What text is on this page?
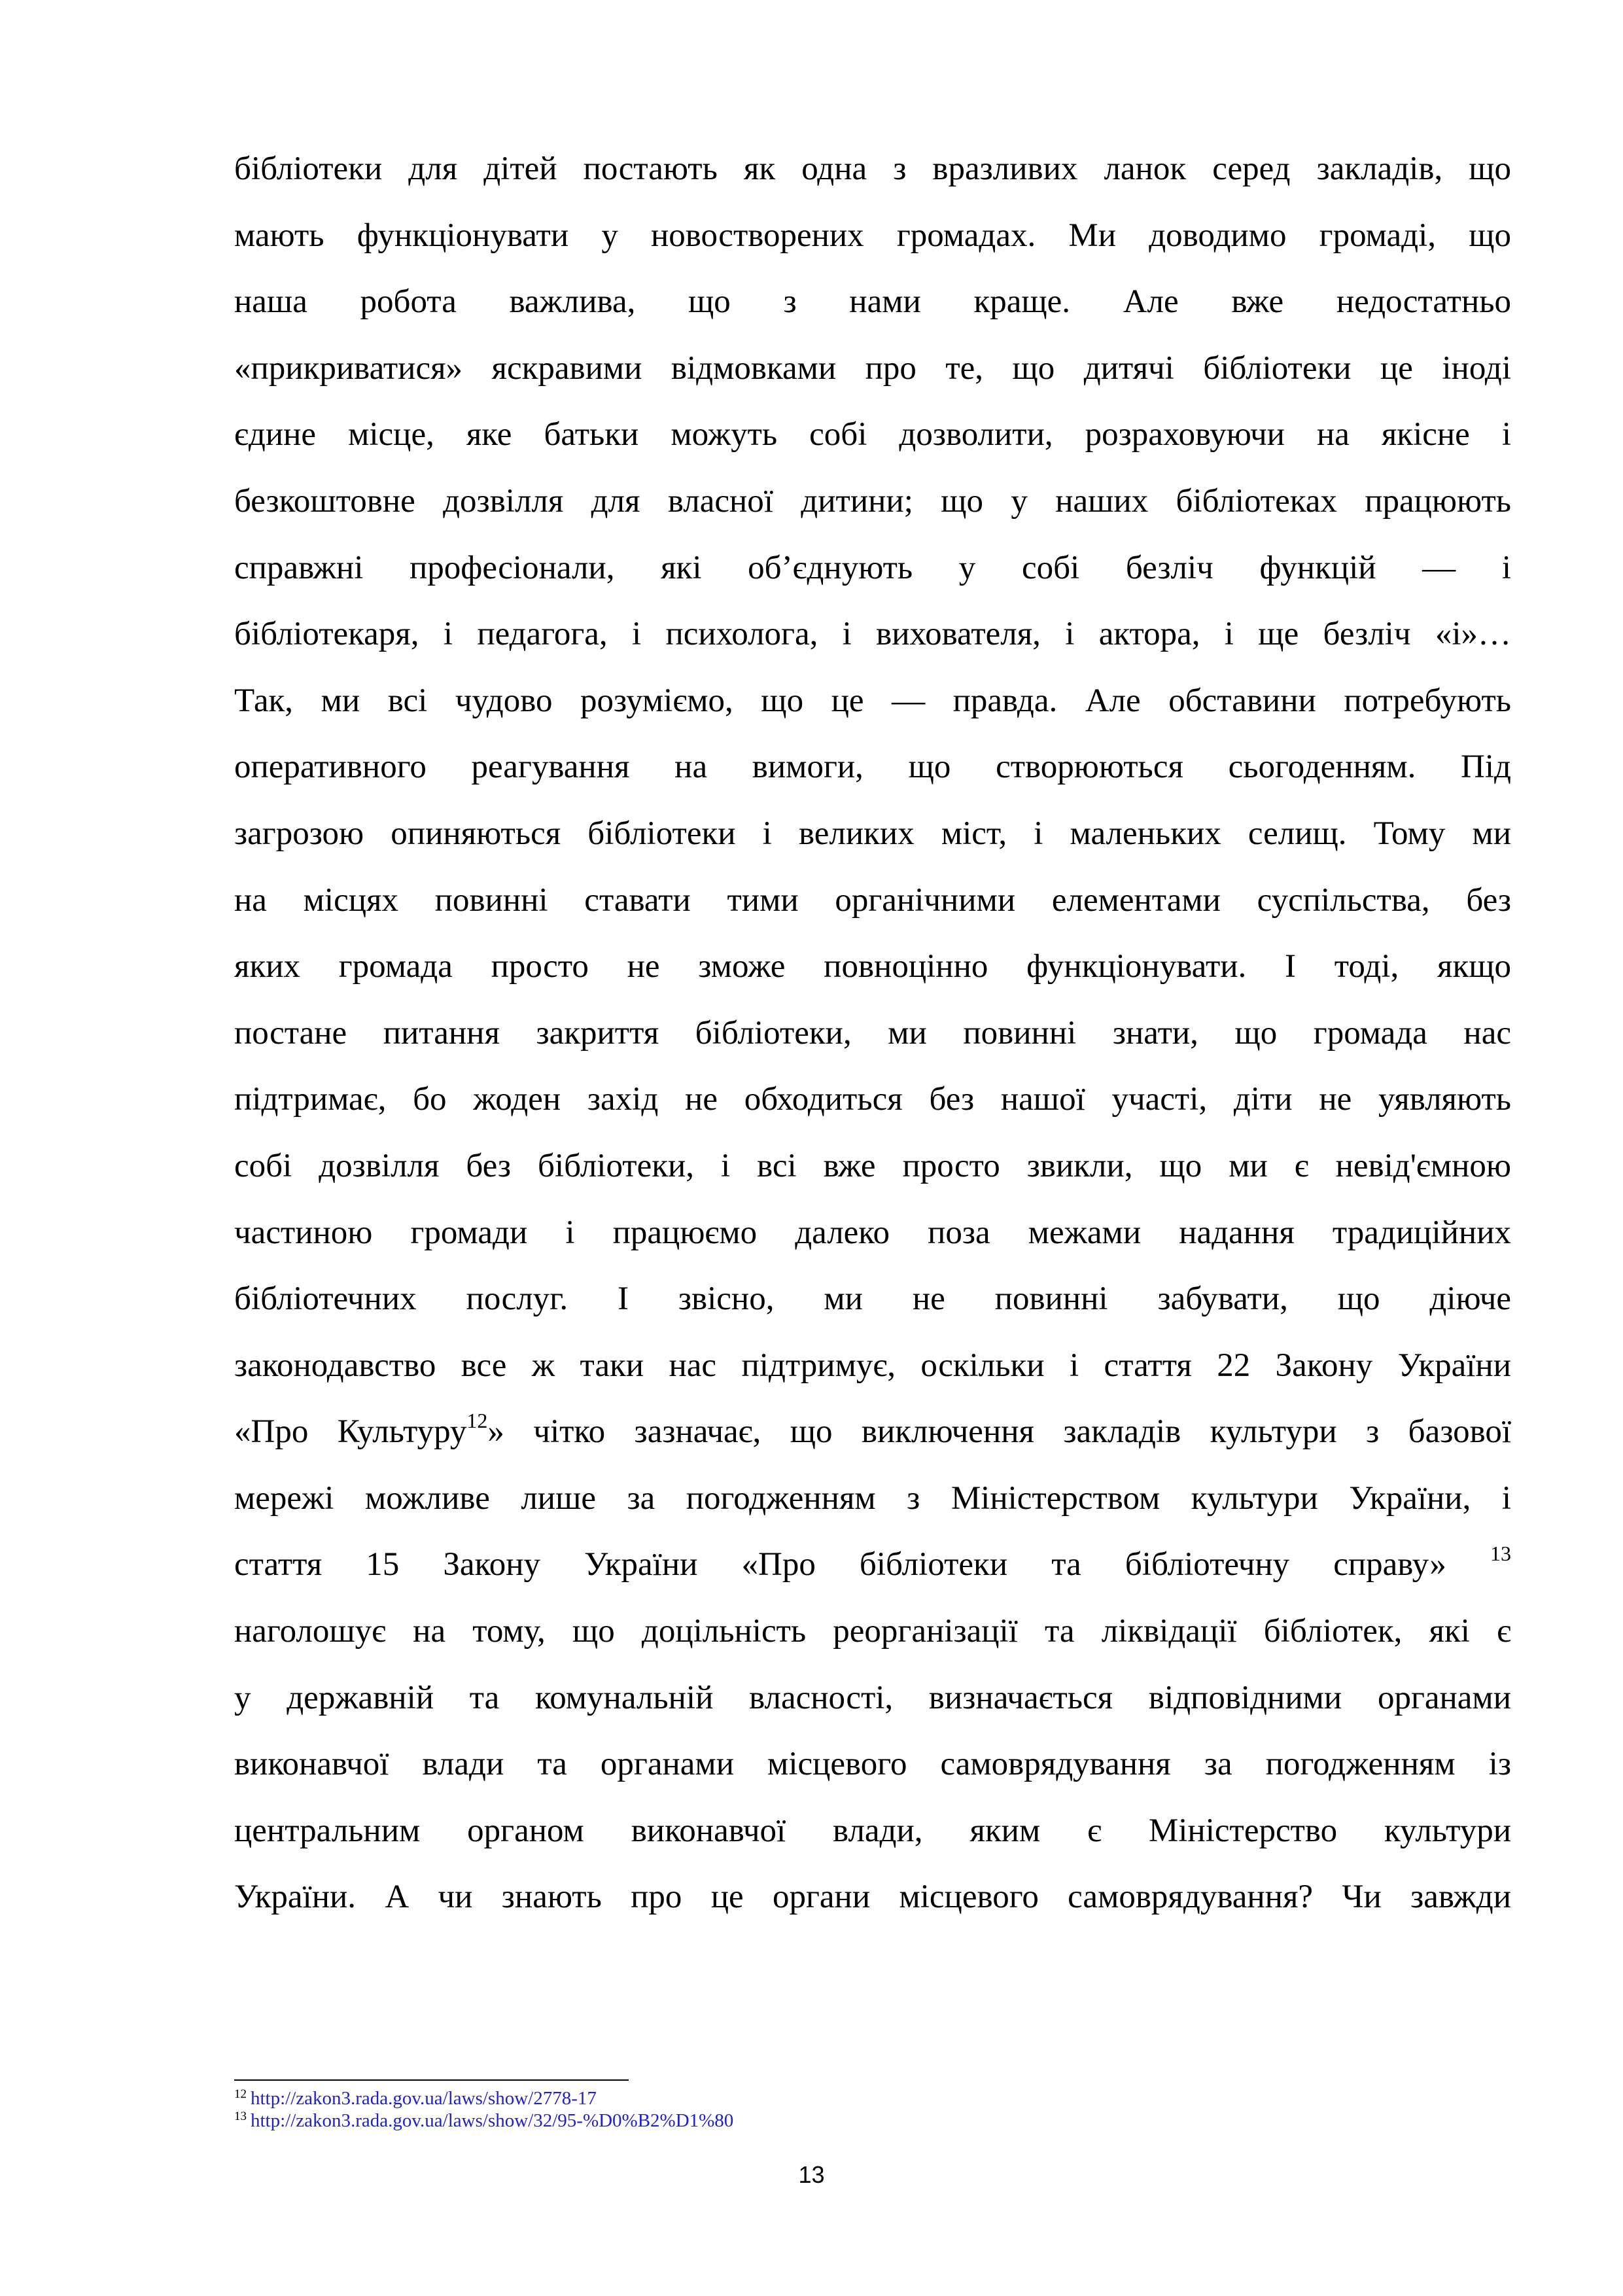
бібліотеки для дітей постають як одна з вразливих ланок серед закладів, що
мають функціонувати у новостворених громадах. Ми доводимо громаді, що
наша робота важлива, що з нами краще. Але вже недостатньо
«прикриватися» яскравими відмовками про те, що дитячі бібліотеки це іноді
єдине місце, яке батьки можуть собі дозволити, розраховуючи на якісне і
безкоштовне дозвілля для власної дитини; що у наших бібліотеках працюють
справжні професіонали, які об’єднують у собі безліч функцій — і
бібліотекаря, і педагога, і психолога, і вихователя, і актора, і ще безліч «і»…
Так, ми всі чудово розуміємо, що це — правда. Але обставини потребують
оперативного реагування на вимоги, що створюються сьогоденням. Під
загрозою опиняються бібліотеки і великих міст, і маленьких селищ. Тому ми
на місцях повинні ставати тими органічними елементами суспільства, без
яких громада просто не зможе повноцінно функціонувати. І тоді, якщо
постане питання закриття бібліотеки, ми повинні знати, що громада нас
підтримає, бо жоден захід не обходиться без нашої участі, діти не уявляють
собі дозвілля без бібліотеки, і всі вже просто звикли, що ми є невід'ємною
частиною громади і працюємо далеко поза межами надання традиційних
бібліотечних послуг. І звісно, ми не повинні забувати, що діюче
законодавство все ж таки нас підтримує, оскільки і стаття 22 Закону України
«Про Культуру$^{12}$» чітко зазначає, що виключення закладів культури з базової
мережі можливе лише за погодженням з Міністерством культури України, і
стаття 15 Закону України «Про бібліотеки та бібліотечну справу» $^{13}$
наголошує на тому, що доцільність реорганізації та ліквідації бібліотек, які є
у державній та комунальній власності, визначається відповідними органами
виконавчої влади та органами місцевого самоврядування за погодженням із
центральним органом виконавчої влади, яким є Міністерство культури
України. А чи знають про це органи місцевого самоврядування? Чи завжди
$^{12}$ http://zakon3.rada.gov.ua/laws/show/2778-17
$^{13}$ http://zakon3.rada.gov.ua/laws/show/32/95-%D0%B2%D1%80
13
